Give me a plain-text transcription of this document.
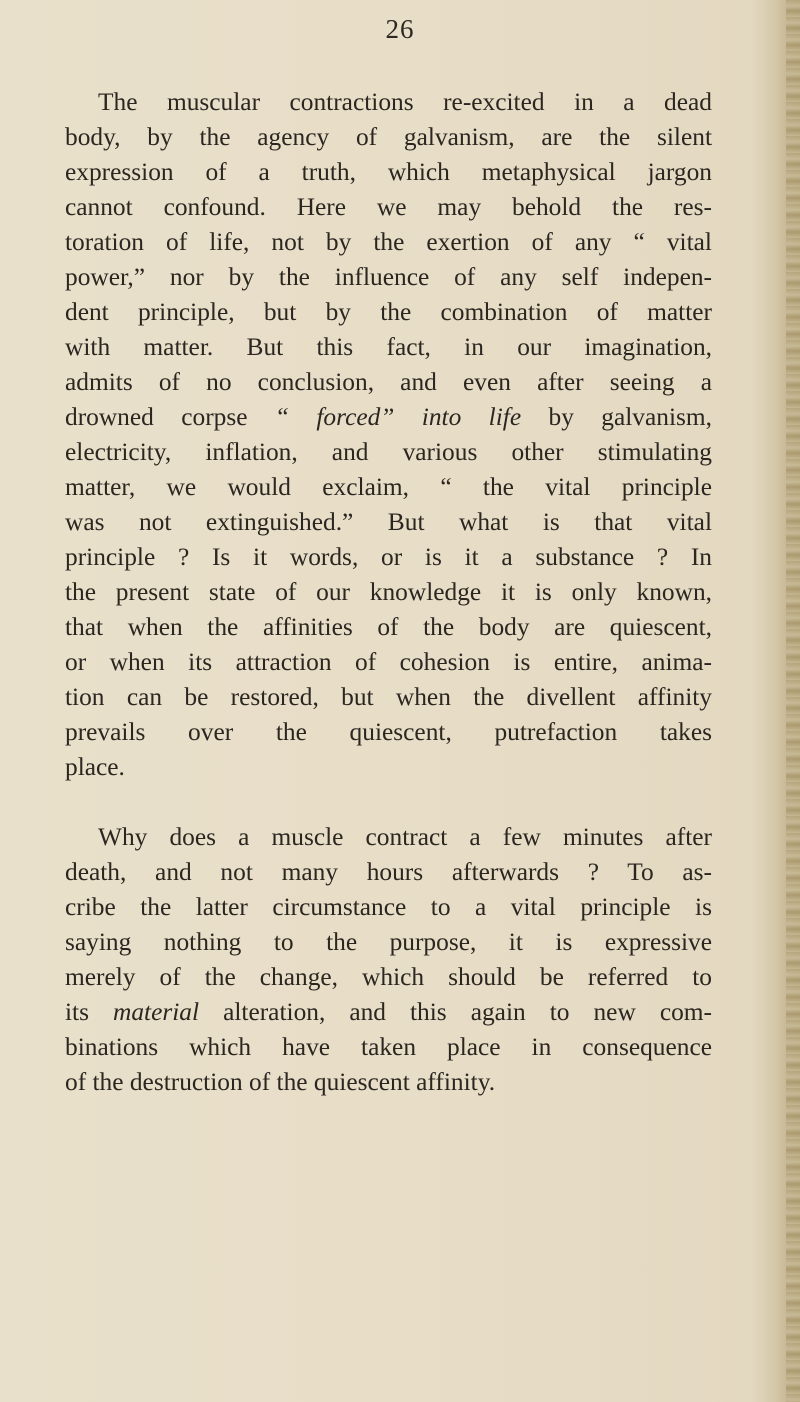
26
The muscular contractions re-excited in a dead
body, by the agency of galvanism, are the silent
expression of a truth, which metaphysical jargon
cannot confound. Here we may behold the res-
toration of life, not by the exertion of any “ vital
power,” nor by the influence of any self indepen-
dent principle, but by the combination of matter
with matter. But this fact, in our imagination,
admits of no conclusion, and even after seeing a
drowned corpse “ forced” into life by galvanism,
electricity, inflation, and various other stimulating
matter, we would exclaim, “ the vital principle
was not extinguished.” But what is that vital
principle ? Is it words, or is it a substance ? In
the present state of our knowledge it is only known,
that when the affinities of the body are quiescent,
or when its attraction of cohesion is entire, anima-
tion can be restored, but when the divellent affinity
prevails over the quiescent, putrefaction takes
place.
Why does a muscle contract a few minutes after
death, and not many hours afterwards ? To as-
cribe the latter circumstance to a vital principle is
saying nothing to the purpose, it is expressive
merely of the change, which should be referred to
its material alteration, and this again to new com-
binations which have taken place in consequence
of the destruction of the quiescent affinity.
